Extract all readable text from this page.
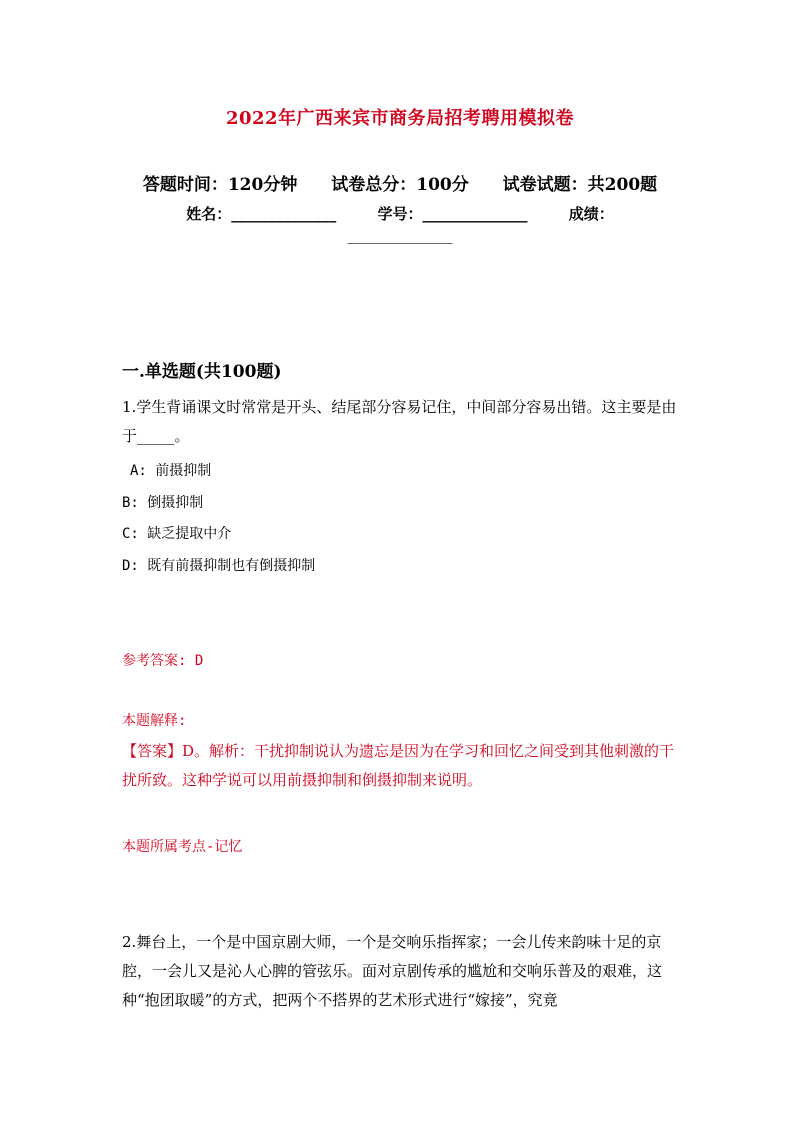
2022年广西来宾市商务局招考聘用模拟卷
答题时间：120分钟 试卷总分：100分 试卷试题：共200题
姓名：______________	学号：______________	成绩：
______________
一.单选题(共100题)
1.学生背诵课文时常常是开头、结尾部分容易记住，中间部分容易出错。这主要是由于_____。
A: 前摄抑制
B: 倒摄抑制
C: 缺乏提取中介
D: 既有前摄抑制也有倒摄抑制
参考答案: D
本题解释:
【答案】D。解析：干扰抑制说认为遗忘是因为在学习和回忆之间受到其他刺激的干扰所致。这种学说可以用前摄抑制和倒摄抑制来说明。
本题所属考点-记忆
2.舞台上，一个是中国京剧大师，一个是交响乐指挥家；一会儿传来韵味十足的京腔，一会儿又是沁人心脾的管弦乐。面对京剧传承的尴尬和交响乐普及的艰难，这种“抱团取暖”的方式，把两个不搭界的艺术形式进行“嫁接”，究竟
